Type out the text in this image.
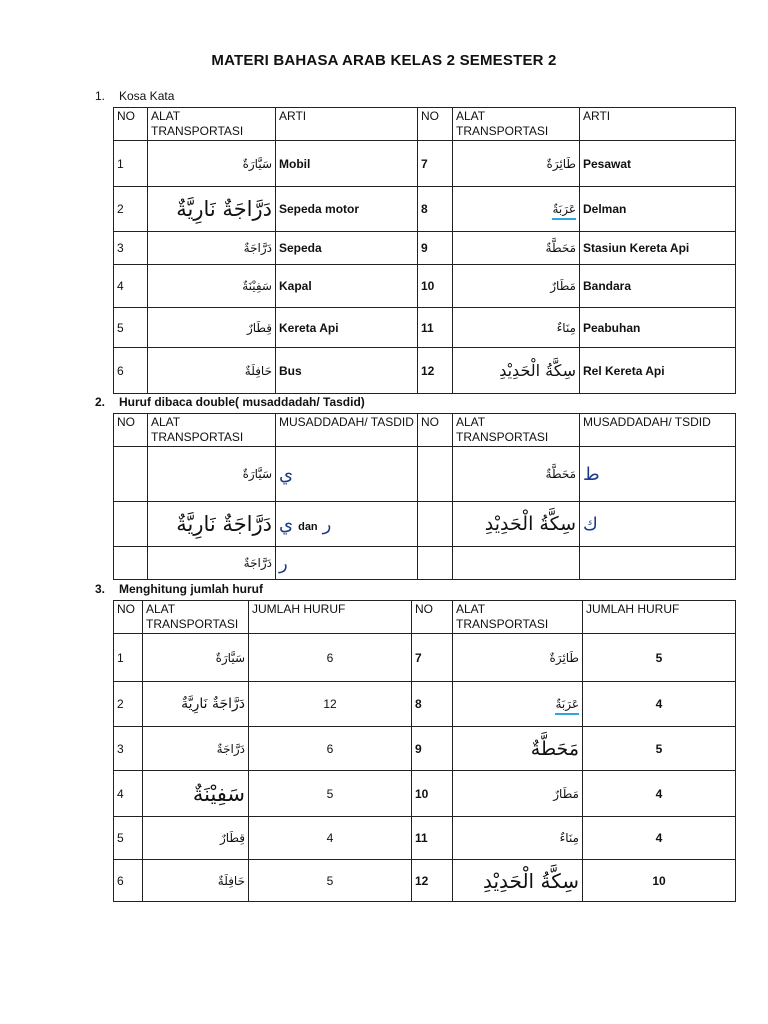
MATERI BAHASA ARAB KELAS 2 SEMESTER 2
1. Kosa Kata
NO	ALAT TRANSPORTASI	ARTI	NO	ALAT TRANSPORTASI	ARTI
1	سَيَّارَةٌ	Mobil	7	طَائِرَةٌ	Pesawat
2	دَرَّاجَةٌ نَارِيَّةٌ	Sepeda motor	8	عَرَبَةٌ	Delman
3	دَرَّاجَةٌ	Sepeda	9	مَحَطَّةٌ	Stasiun Kereta Api
4	سَفِيْنَةٌ	Kapal	10	مَطَارٌ	Bandara
5	قِطَارٌ	Kereta Api	11	مِنَاءٌ	Peabuhan
6	حَافِلَةٌ	Bus	12	سِكَّةُ الْحَدِيْدِ	Rel Kereta Api
2. Huruf dibaca double( musaddadah/ Tasdid)
NO	ALAT TRANSPORTASI	MUSADDADAH/ TASDID	NO	ALAT TRANSPORTASI	MUSADDADAH/ TSDID
	سَيَّارَةٌ	ي		مَحَطَّةٌ	ط
	دَرَّاجَةٌ نَارِيَّةٌ	ي dan ر		سِكَّةُ الْحَدِيْدِ	ك
	دَرَّاجَةٌ	ر			
3. Menghitung jumlah huruf
NO	ALAT TRANSPORTASI	JUMLAH HURUF	NO	ALAT TRANSPORTASI	JUMLAH HURUF
1	سَيَّارَةٌ	6	7	طَائِرَةٌ	5
2	دَرَّاجَةٌ نَارِيَّةٌ	12	8	عَرَبَةٌ	4
3	دَرَّاجَةٌ	6	9	مَحَطَّةٌ	5
4	سَفِيْنَةٌ	5	10	مَطَارٌ	4
5	قِطَارٌ	4	11	مِنَاءٌ	4
6	حَافِلَةٌ	5	12	سِكَّةُ الْحَدِيْدِ	10
